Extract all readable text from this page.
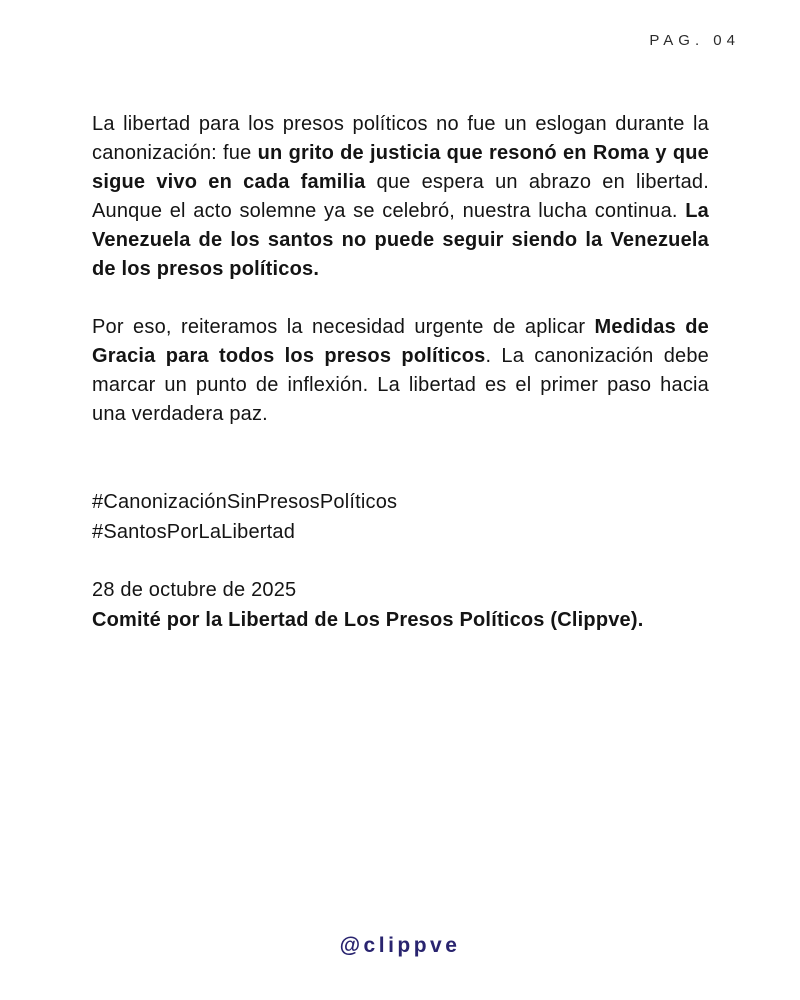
PAG. 04

La libertad para los presos políticos no fue un eslogan durante la canonización: fue un grito de justicia que resonó en Roma y que sigue vivo en cada familia que espera un abrazo en libertad. Aunque el acto solemne ya se celebró, nuestra lucha continua. La Venezuela de los santos no puede seguir siendo la Venezuela de los presos políticos.

Por eso, reiteramos la necesidad urgente de aplicar Medidas de Gracia para todos los presos políticos. La canonización debe marcar un punto de inflexión. La libertad es el primer paso hacia una verdadera paz.

#CanonizaciónSinPresosPolíticos
#SantosPorLaLibertad
28 de octubre de 2025
Comité por la Libertad de Los Presos Políticos (Clippve).
@clippve
